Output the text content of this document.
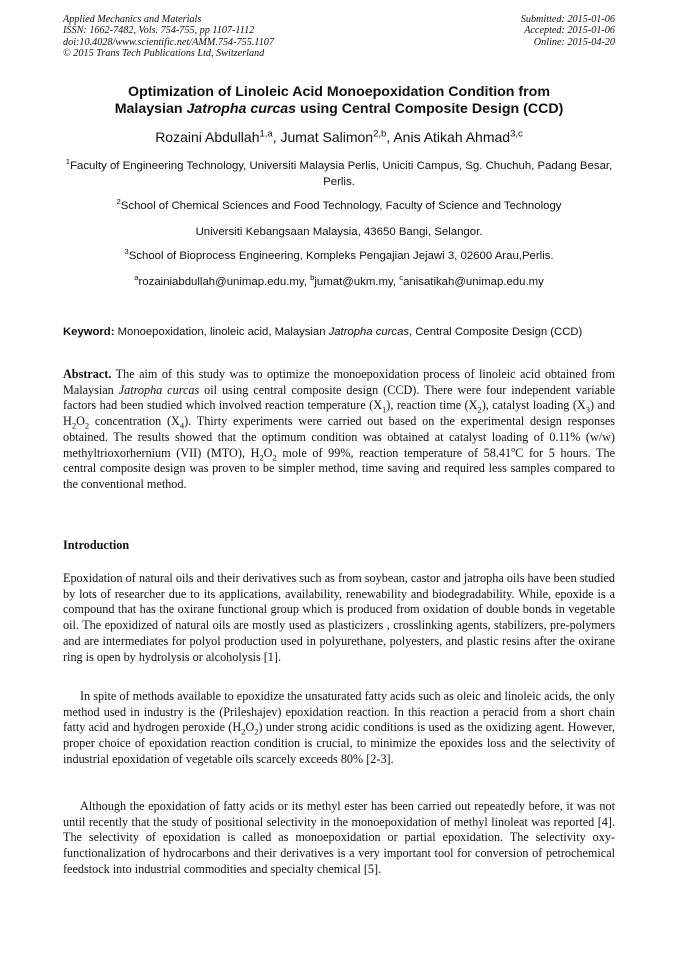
Applied Mechanics and Materials
ISSN: 1662-7482, Vols. 754-755, pp 1107-1112
doi:10.4028/www.scientific.net/AMM.754-755.1107
© 2015 Trans Tech Publications Ltd, Switzerland
Submitted: 2015-01-06
Accepted: 2015-01-06
Online: 2015-04-20
Optimization of Linoleic Acid Monoepoxidation Condition from
Malaysian Jatropha curcas using Central Composite Design (CCD)
Rozaini Abdullah$^{1,a}$, Jumat Salimon$^{2,b}$, Anis Atikah Ahmad$^{3,c}$
$^1$Faculty of Engineering Technology, Universiti Malaysia Perlis, Uniciti Campus, Sg. Chuchuh, Padang Besar, Perlis.
$^2$School of Chemical Sciences and Food Technology, Faculty of Science and Technology
Universiti Kebangsaan Malaysia, 43650 Bangi, Selangor.
$^3$School of Bioprocess Engineering, Kompleks Pengajian Jejawi 3, 02600 Arau,Perlis.
$^a$rozainiabdullah@unimap.edu.my, $^b$jumat@ukm.my, $^c$anisatikah@unimap.edu.my
Keyword: Monoepoxidation, linoleic acid, Malaysian Jatropha curcas, Central Composite Design (CCD)
Abstract. The aim of this study was to optimize the monoepoxidation process of linoleic acid obtained from Malaysian Jatropha curcas oil using central composite design (CCD). There were four independent variable factors had been studied which involved reaction temperature $(X_1)$, reaction time $(X_2)$, catalyst loading $(X_3)$ and $H_2O_2$ concentration $(X_4)$. Thirty experiments were carried out based on the experimental design responses obtained. The results showed that the optimum condition was obtained at catalyst loading of 0.11% (w/w) methyltrioxorhernium (VII) (MTO), $H_2O_2$ mole of 99%, reaction temperature of 58.41$^o$C for 5 hours. The central composite design was proven to be simpler method, time saving and required less samples compared to the conventional method.
Introduction
Epoxidation of natural oils and their derivatives such as from soybean, castor and jatropha oils have been studied by lots of researcher due to its applications, availability, renewability and biodegradability. While, epoxide is a compound that has the oxirane functional group which is produced from oxidation of double bonds in vegetable oil. The epoxidized of natural oils are mostly used as plasticizers , crosslinking agents, stabilizers, pre-polymers and are intermediates for polyol production used in polyurethane, polyesters, and plastic resins after the oxirane ring is open by hydrolysis or alcoholysis [1].
In spite of methods available to epoxidize the unsaturated fatty acids such as oleic and linoleic acids, the only method used in industry is the (Prileshajev) epoxidation reaction. In this reaction a peracid from a short chain fatty acid and hydrogen peroxide $(H_2O_2)$ under strong acidic conditions is used as the oxidizing agent. However, proper choice of epoxidation reaction condition is crucial, to minimize the epoxides loss and the selectivity of industrial epoxidation of vegetable oils scarcely exceeds 80% [2-3].
Although the epoxidation of fatty acids or its methyl ester has been carried out repeatedly before, it was not until recently that the study of positional selectivity in the monoepoxidation of methyl linoleat was reported [4]. The selectivity of epoxidation is called as monoepoxidation or partial epoxidation. The selectivity oxy-functionalization of hydrocarbons and their derivatives is a very important tool for conversion of petrochemical feedstock into industrial commodities and specialty chemical [5].
